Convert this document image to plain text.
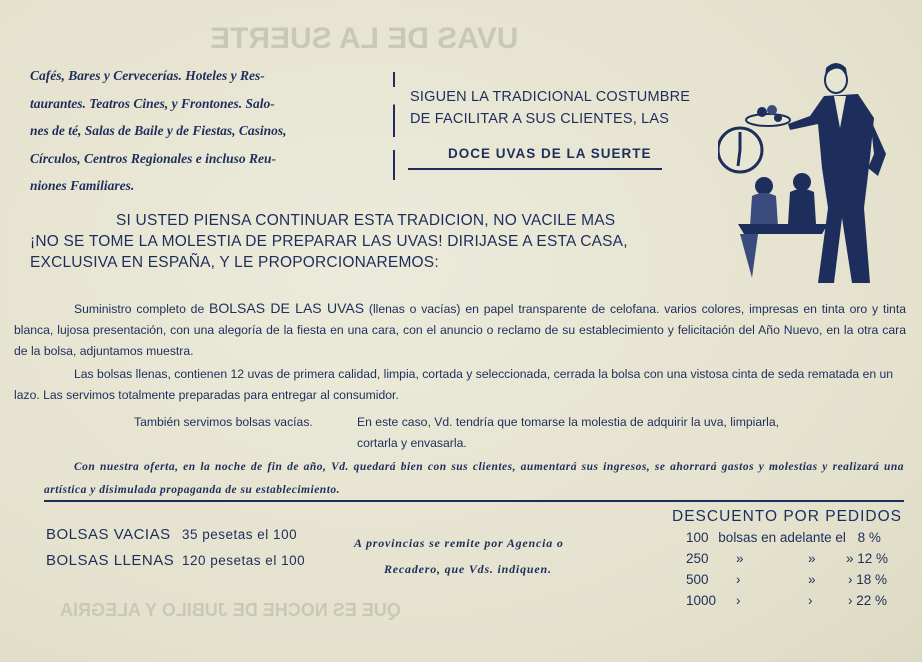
UVAS DE LA SUERTE
QUE ES NOCHE DE JUBILO Y ALEGRIA
Cafés, Bares y Cervecerías. Hoteles y Res-
taurantes. Teatros Cines, y Frontones. Salo-
nes de té, Salas de Baile y de Fiestas, Casinos,
Círculos, Centros Regionales e incluso Reu-
niones Familiares.
SIGUEN LA TRADICIONAL COSTUMBRE
DE FACILITAR A SUS CLIENTES, LAS
DOCE UVAS DE LA SUERTE
SI USTED PIENSA CONTINUAR ESTA TRADICION, NO VACILE MAS
¡NO SE TOME LA MOLESTIA DE PREPARAR LAS UVAS! DIRIJASE A ESTA CASA,
EXCLUSIVA EN ESPAÑA, Y LE PROPORCIONAREMOS:
Suministro completo de BOLSAS DE LAS UVAS (llenas o vacías) en papel transparente de celofana. varios colores, impresas en tinta oro y tinta blanca, lujosa presentación, con una alegoría de la fiesta en una cara, con el anuncio o reclamo de su establecimiento y felicitación del Año Nuevo, en la otra cara de la bolsa, adjuntamos muestra.
Las bolsas llenas, contienen 12 uvas de primera calidad, limpia, cortada y seleccionada, cerrada la bolsa con una vistosa cinta de seda rematada en un lazo. Las servimos totalmente preparadas para entregar al consumidor.
También servimos bolsas vacías.	En este caso, Vd. tendría que tomarse la molestia de adquirir la uva, limpiarla, cortarla y envasarla.
Con nuestra oferta, en la noche de fin de año, Vd. quedará bien con sus clientes, aumentará sus ingresos, se ahorrará gastos y molestias y realizará una artística y disimulada propaganda de su establecimiento.
BOLSAS VACIAS 35 pesetas el 100
BOLSAS LLENAS 120 pesetas el 100
A provincias se remite por Agencia o
Recadero, que Vds. indiquen.
DESCUENTO POR PEDIDOS
100 bolsas en adelante el 8 %
250 »	» » 12 %
500 ›	» › 18 %
1000 ›	›	› 22 %
